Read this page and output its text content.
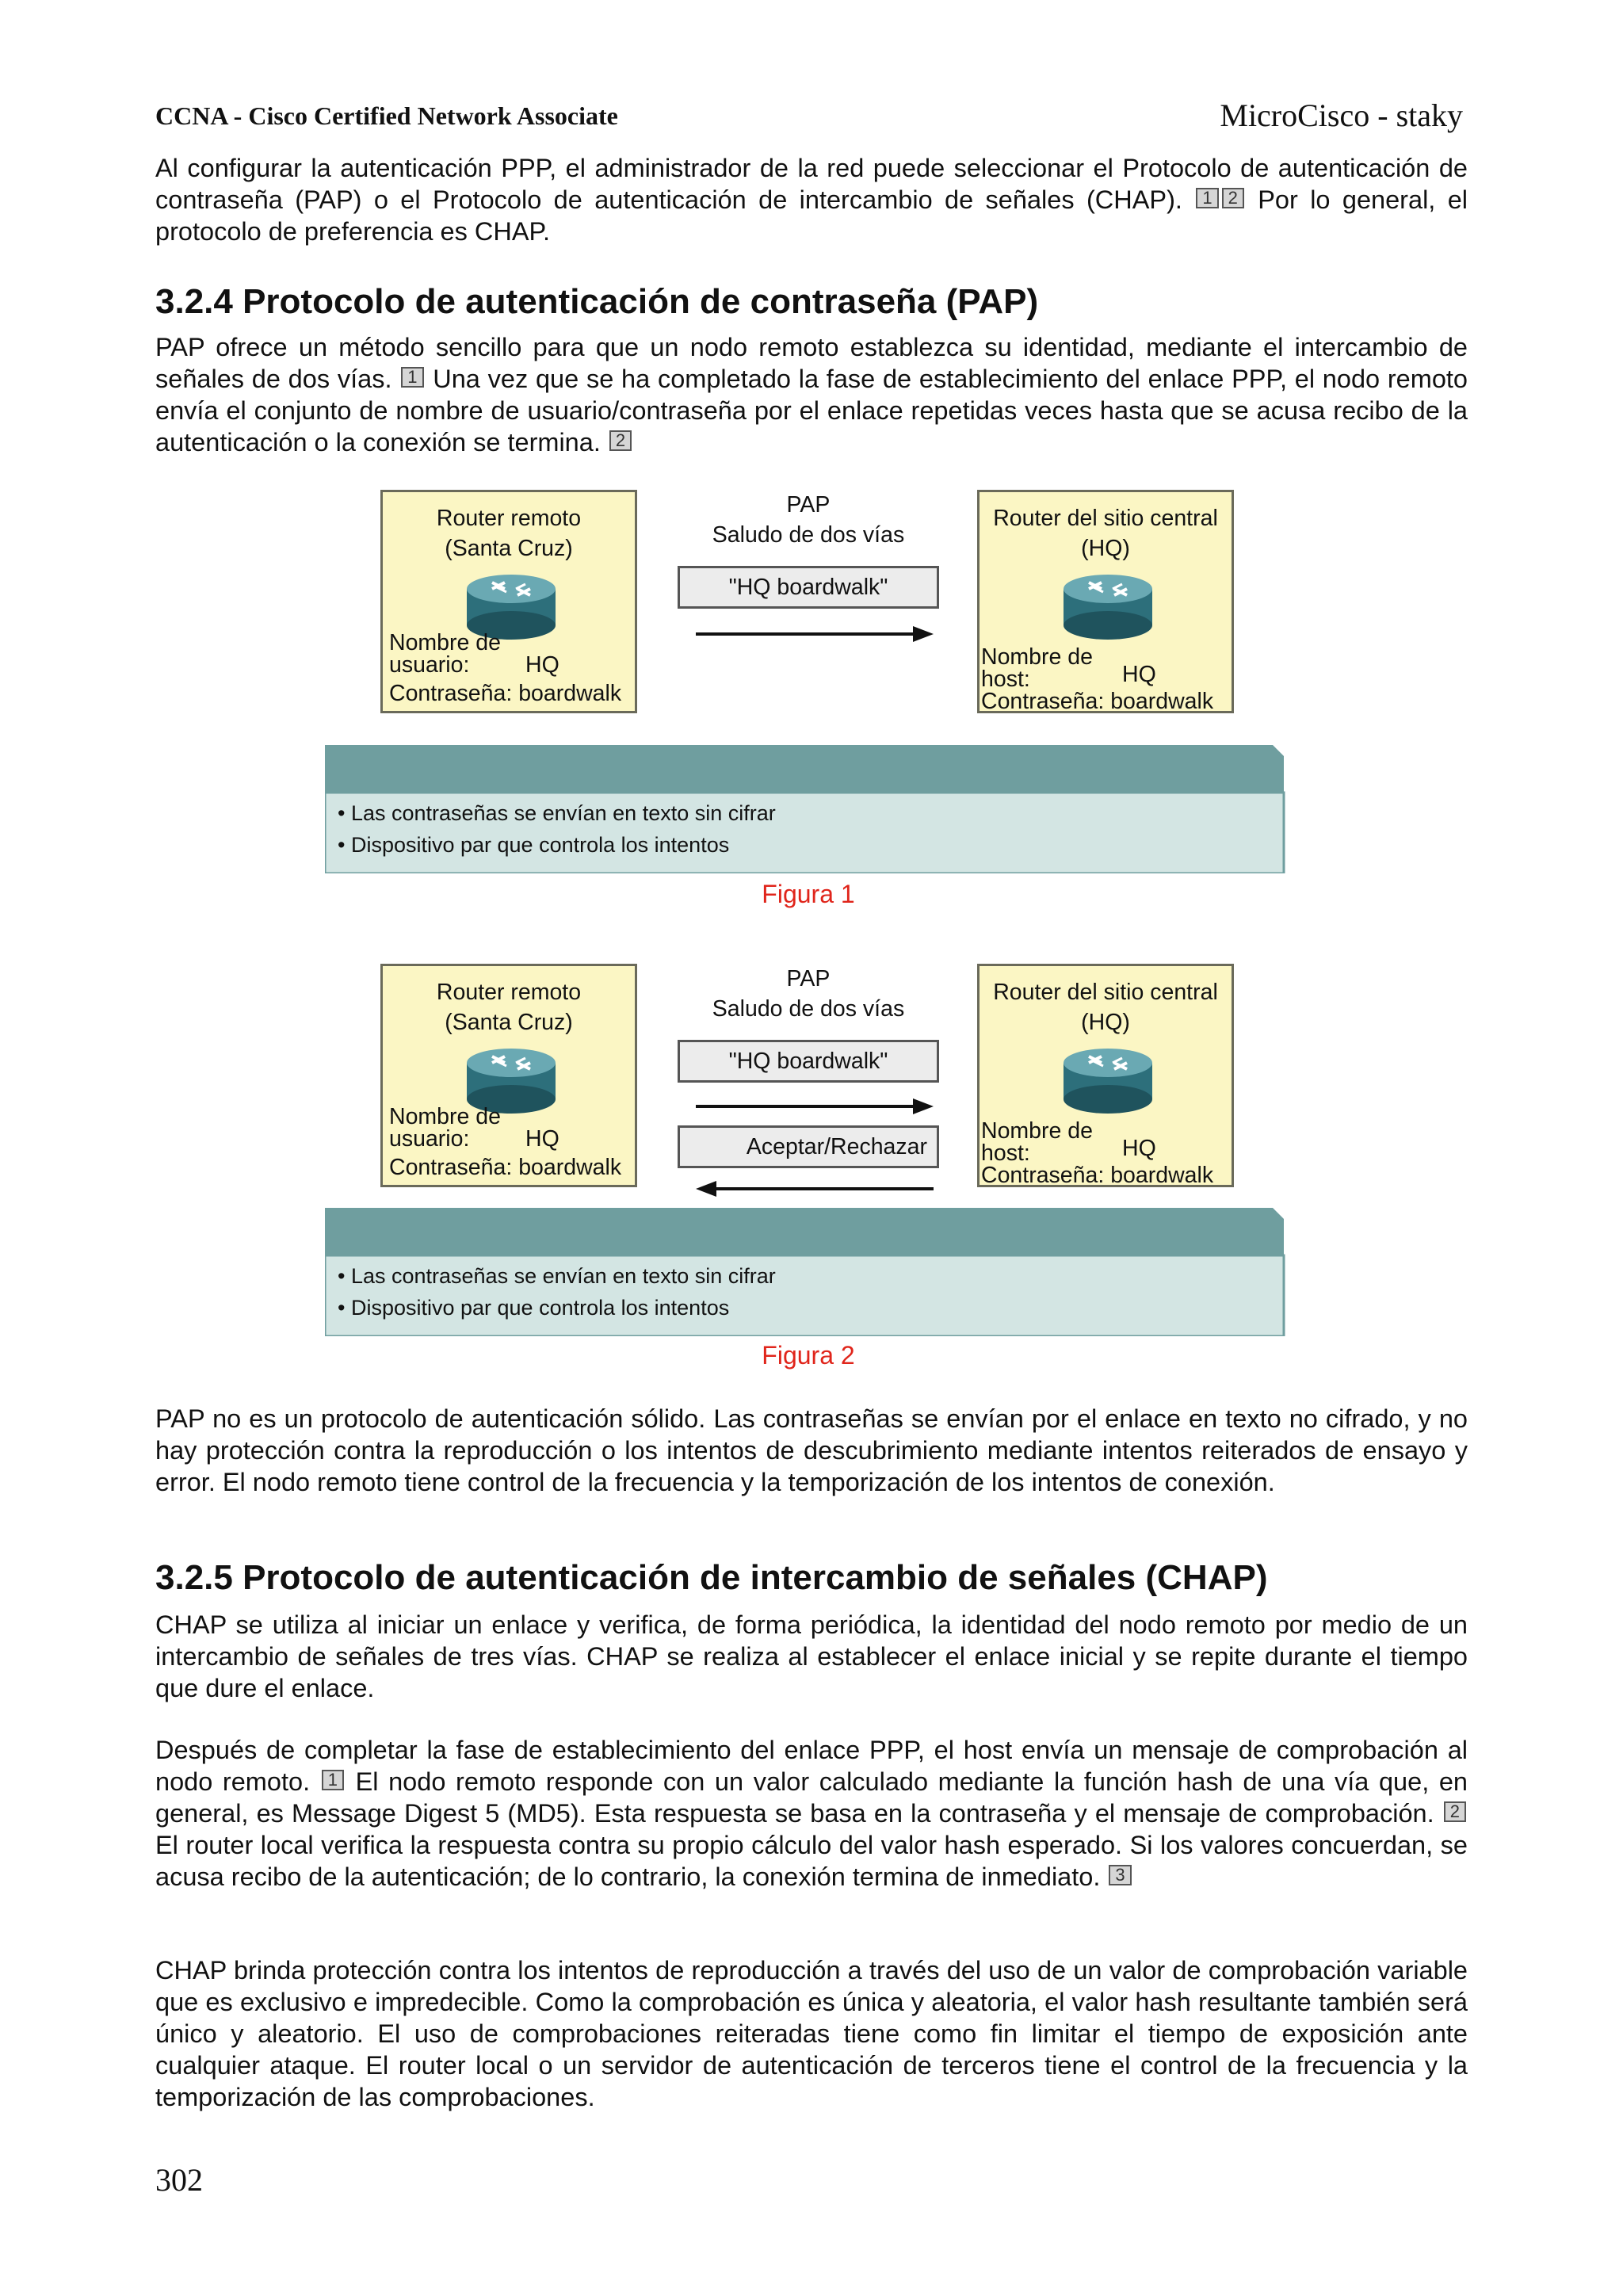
CCNA - Cisco Certified Network Associate	MicroCisco - staky

Al configurar la autenticación PPP, el administrador de la red puede seleccionar el Protocolo de autenticación de contraseña (PAP) o el Protocolo de autenticación de intercambio de señales (CHAP). 1 2 Por lo general, el protocolo de preferencia es CHAP.

3.2.4 Protocolo de autenticación de contraseña (PAP)

PAP ofrece un método sencillo para que un nodo remoto establezca su identidad, mediante el intercambio de señales de dos vías. 1 Una vez que se ha completado la fase de establecimiento del enlace PPP, el nodo remoto envía el conjunto de nombre de usuario/contraseña por el enlace repetidas veces hasta que se acusa recibo de la autenticación o la conexión se termina. 2

Router remoto
(Santa Cruz)
Nombre de
usuario:	HQ
Contraseña: boardwalk
PAP
Saludo de dos vías
"HQ boardwalk"
Router del sitio central
(HQ)
Nombre de
host:	HQ
Contraseña: boardwalk
• Las contraseñas se envían en texto sin cifrar
• Dispositivo par que controla los intentos
Figura 1
Router remoto
(Santa Cruz)
Nombre de
usuario:	HQ
Contraseña: boardwalk
PAP
Saludo de dos vías
"HQ boardwalk"
Aceptar/Rechazar
Router del sitio central
(HQ)
Nombre de
host:	HQ
Contraseña: boardwalk
• Las contraseñas se envían en texto sin cifrar
• Dispositivo par que controla los intentos
Figura 2

PAP no es un protocolo de autenticación sólido. Las contraseñas se envían por el enlace en texto no cifrado, y no hay protección contra la reproducción o los intentos de descubrimiento mediante intentos reiterados de ensayo y error. El nodo remoto tiene control de la frecuencia y la temporización de los intentos de conexión.

3.2.5 Protocolo de autenticación de intercambio de señales (CHAP)

CHAP se utiliza al iniciar un enlace y verifica, de forma periódica, la identidad del nodo remoto por medio de un intercambio de señales de tres vías. CHAP se realiza al establecer el enlace inicial y se repite durante el tiempo que dure el enlace.

Después de completar la fase de establecimiento del enlace PPP, el host envía un mensaje de comprobación al nodo remoto. 1 El nodo remoto responde con un valor calculado mediante la función hash de una vía que, en general, es Message Digest 5 (MD5). Esta respuesta se basa en la contraseña y el mensaje de comprobación. 2 El router local verifica la respuesta contra su propio cálculo del valor hash esperado. Si los valores concuerdan, se acusa recibo de la autenticación; de lo contrario, la conexión termina de inmediato. 3

CHAP brinda protección contra los intentos de reproducción a través del uso de un valor de comprobación variable que es exclusivo e impredecible. Como la comprobación es única y aleatoria, el valor hash resultante también será único y aleatorio. El uso de comprobaciones reiteradas tiene como fin limitar el tiempo de exposición ante cualquier ataque. El router local o un servidor de autenticación de terceros tiene el control de la frecuencia y la temporización de las comprobaciones.

302
